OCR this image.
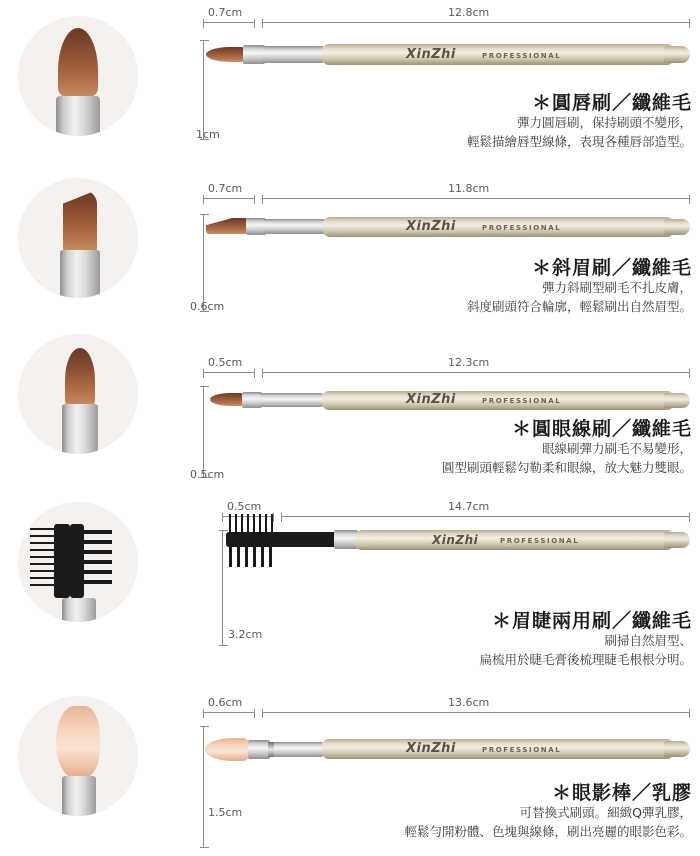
0.7cm	12.8cm
1cm
XinZhi	PROFESSIONAL
＊圓唇刷／纖維毛
彈力圓唇刷，保持刷頭不變形，
輕鬆描繪唇型線條，表現各種唇部造型。
0.7cm	11.8cm
0.6cm
XinZhi	PROFESSIONAL
＊斜眉刷／纖維毛
彈力斜刷型刷毛不扎皮膚，
斜度刷頭符合輪廓，輕鬆刷出自然眉型。
0.5cm	12.3cm
0.5cm
XinZhi	PROFESSIONAL
＊圓眼線刷／纖維毛
眼線刷彈力刷毛不易變形，
圓型刷頭輕鬆勾勒柔和眼線，放大魅力雙眼。
0.5cm	14.7cm
3.2cm
XinZhi	PROFESSIONAL
＊眉睫兩用刷／纖維毛
刷掃自然眉型、
扁梳用於睫毛膏後梳理睫毛根根分明。
0.6cm	13.6cm
1.5cm
XinZhi	PROFESSIONAL
＊眼影棒／乳膠
可替換式刷頭。細緻Q彈乳膠，
輕鬆勻開粉體、色塊與線條，刷出亮麗的眼影色彩。
